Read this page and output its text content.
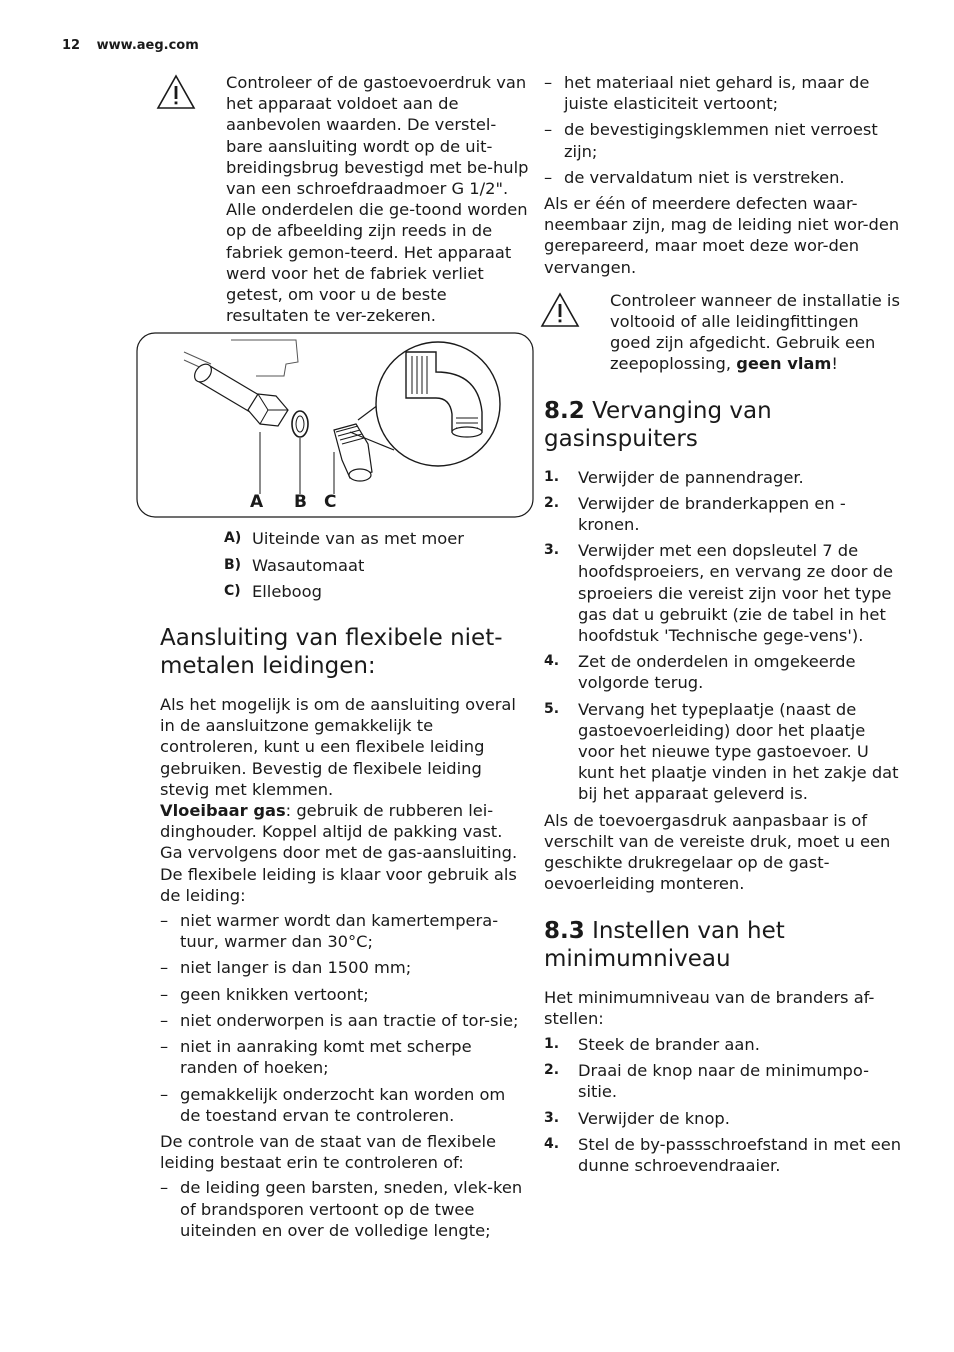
12 www.aeg.com

Controleer of de gastoevoerdruk van het apparaat voldoet aan de aanbevolen waarden. De verstel-bare aansluiting wordt op de uit-breidingsbrug bevestigd met be-hulp van een schroefdraadmoer G 1/2". Alle onderdelen die ge-toond worden op de afbeelding zijn reeds in de fabriek gemon-teerd. Het apparaat werd voor het de fabriek verliet getest, om voor u de beste resultaten te ver-zekeren.

A B C
A) Uiteinde van as met moer
B) Wasautomaat
C) Elleboog
Aansluiting van flexibele niet-metalen leidingen:

Als het mogelijk is om de aansluiting overal in de aansluitzone gemakkelijk te controleren, kunt u een flexibele leiding gebruiken. Bevestig de flexibele leiding stevig met klemmen.

Vloeibaar gas: gebruik de rubberen lei-dinghouder. Koppel altijd de pakking vast. Ga vervolgens door met de gas-aansluiting. De flexibele leiding is klaar voor gebruik als de leiding:

– niet warmer wordt dan kamertempera-tuur, warmer dan 30°C;
– niet langer is dan 1500 mm;
– geen knikken vertoont;
– niet onderworpen is aan tractie of tor-sie;
– niet in aanraking komt met scherpe randen of hoeken;
– gemakkelijk onderzocht kan worden om de toestand ervan te controleren.

De controle van de staat van de flexibele leiding bestaat erin te controleren of:

– de leiding geen barsten, sneden, vlek-ken of brandsporen vertoont op de twee uiteinden en over de volledige lengte;
– het materiaal niet gehard is, maar de juiste elasticiteit vertoont;
– de bevestigingsklemmen niet verroest zijn;
– de vervaldatum niet is verstreken.

Als er één of meerdere defecten waar-neembaar zijn, mag de leiding niet wor-den gerepareerd, maar moet deze wor-den vervangen.

Controleer wanneer de installatie is voltooid of alle leidingfittingen goed zijn afgedicht. Gebruik een zeepoplossing, geen vlam!

8.2 Vervanging van gasinspuiters
1. Verwijder de pannendrager.
2. Verwijder de branderkappen en -kronen.
3. Verwijder met een dopsleutel 7 de hoofdsproeiers, en vervang ze door de sproeiers die vereist zijn voor het type gas dat u gebruikt (zie de tabel in het hoofdstuk 'Technische gege-vens').
4. Zet de onderdelen in omgekeerde volgorde terug.
5. Vervang het typeplaatje (naast de gastoevoerleiding) door het plaatje voor het nieuwe type gastoevoer. U kunt het plaatje vinden in het zakje dat bij het apparaat geleverd is.

Als de toevoergasdruk aanpasbaar is of verschilt van de vereiste druk, moet u een geschikte drukregelaar op de gast-oevoerleiding monteren.

8.3 Instellen van het minimumniveau

Het minimumniveau van de branders af-stellen:

1. Steek de brander aan.
2. Draai de knop naar de minimumpo-sitie.
3. Verwijder de knop.
4. Stel de by-passschroefstand in met een dunne schroevendraaier.
